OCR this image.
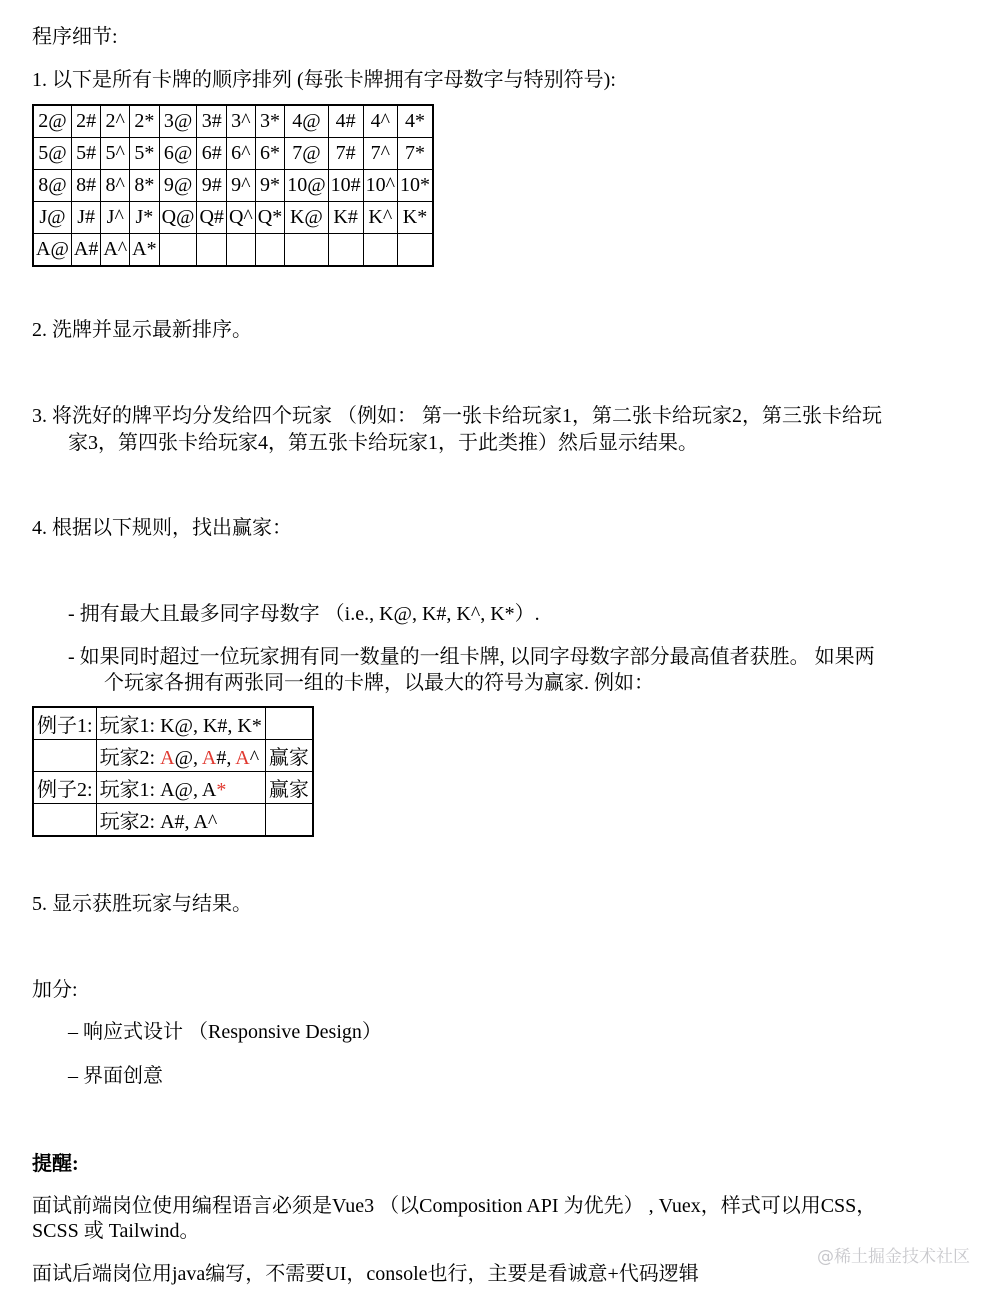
程序细节:
1. 以下是所有卡牌的顺序排列 (每张卡牌拥有字母数字与特别符号):
2@	2#	2^	2*	3@	3#	3^	3*	4@	4#	4^	4*
5@	5#	5^	5*	6@	6#	6^	6*	7@	7#	7^	7*
8@	8#	8^	8*	9@	9#	9^	9*	10@	10#	10^	10*
J@	J#	J^	J*	Q@	Q#	Q^	Q*	K@	K#	K^	K*
A@	A#	A^	A*								
2. 洗牌并显示最新排序。
3. 将洗好的牌平均分发给四个玩家 （例如： 第一张卡给玩家1，第二张卡给玩家2，第三张卡给玩
家3，第四张卡给玩家4，第五张卡给玩家1，于此类推）然后显示结果。
4. 根据以下规则，找出赢家：
- 拥有最大且最多同字母数字 （i.e., K@, K#, K^, K*）.
- 如果同时超过一位玩家拥有同一数量的一组卡牌, 以同字母数字部分最高值者获胜。 如果两
个玩家各拥有两张同一组的卡牌，以最大的符号为赢家. 例如：
例子1:	玩家1: K@, K#, K*	
	玩家2: A@, A#, A^	赢家
例子2:	玩家1: A@, A*	赢家
	玩家2: A#, A^	
5. 显示获胜玩家与结果。
加分:
– 响应式设计 （Responsive Design）
– 界面创意
提醒:
面试前端岗位使用编程语言必须是Vue3 （以Composition API 为优先） , Vuex，样式可以用CSS，
SCSS 或 Tailwind。
面试后端岗位用java编写，不需要UI，console也行，主要是看诚意+代码逻辑
@稀土掘金技术社区
